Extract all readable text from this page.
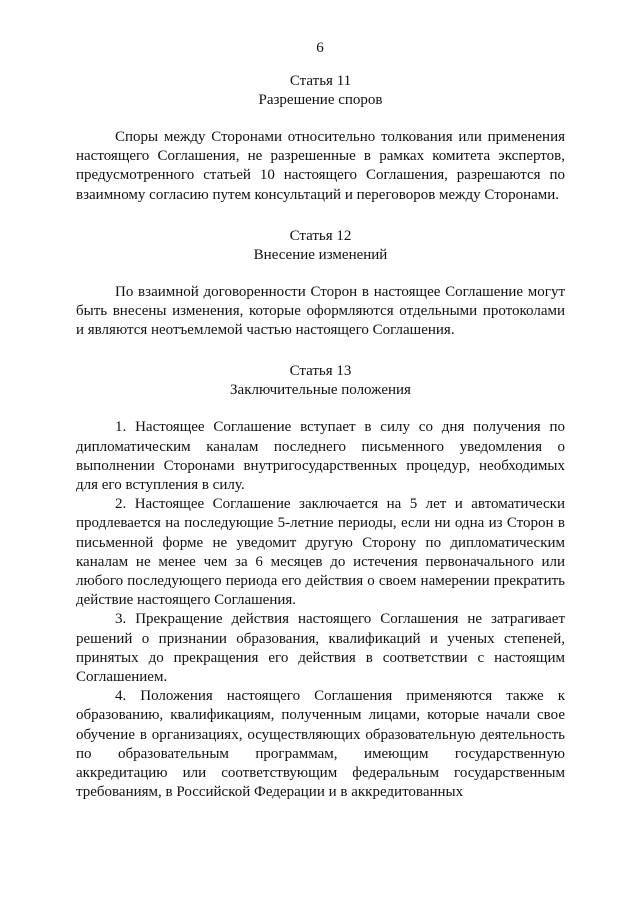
6
Статья 11
Разрешение споров

Споры между Сторонами относительно толкования или применения настоящего Соглашения, не разрешенные в рамках комитета экспертов, предусмотренного статьей 10 настоящего Соглашения, разрешаются по взаимному согласию путем консультаций и переговоров между Сторонами.

Статья 12
Внесение изменений

По взаимной договоренности Сторон в настоящее Соглашение могут быть внесены изменения, которые оформляются отдельными протоколами и являются неотъемлемой частью настоящего Соглашения.

Статья 13
Заключительные положения

1. Настоящее Соглашение вступает в силу со дня получения по дипломатическим каналам последнего письменного уведомления о выполнении Сторонами внутригосударственных процедур, необходимых для его вступления в силу.

2. Настоящее Соглашение заключается на 5 лет и автоматически продлевается на последующие 5-летние периоды, если ни одна из Сторон в письменной форме не уведомит другую Сторону по дипломатическим каналам не менее чем за 6 месяцев до истечения первоначального или любого последующего периода его действия о своем намерении прекратить действие настоящего Соглашения.

3. Прекращение действия настоящего Соглашения не затрагивает решений о признании образования, квалификаций и ученых степеней, принятых до прекращения его действия в соответствии с настоящим Соглашением.

4. Положения настоящего Соглашения применяются также к образованию, квалификациям, полученным лицами, которые начали свое обучение в организациях, осуществляющих образовательную деятельность по образовательным программам, имеющим государственную аккредитацию или соответствующим федеральным государственным требованиям, в Российской Федерации и в аккредитованных
